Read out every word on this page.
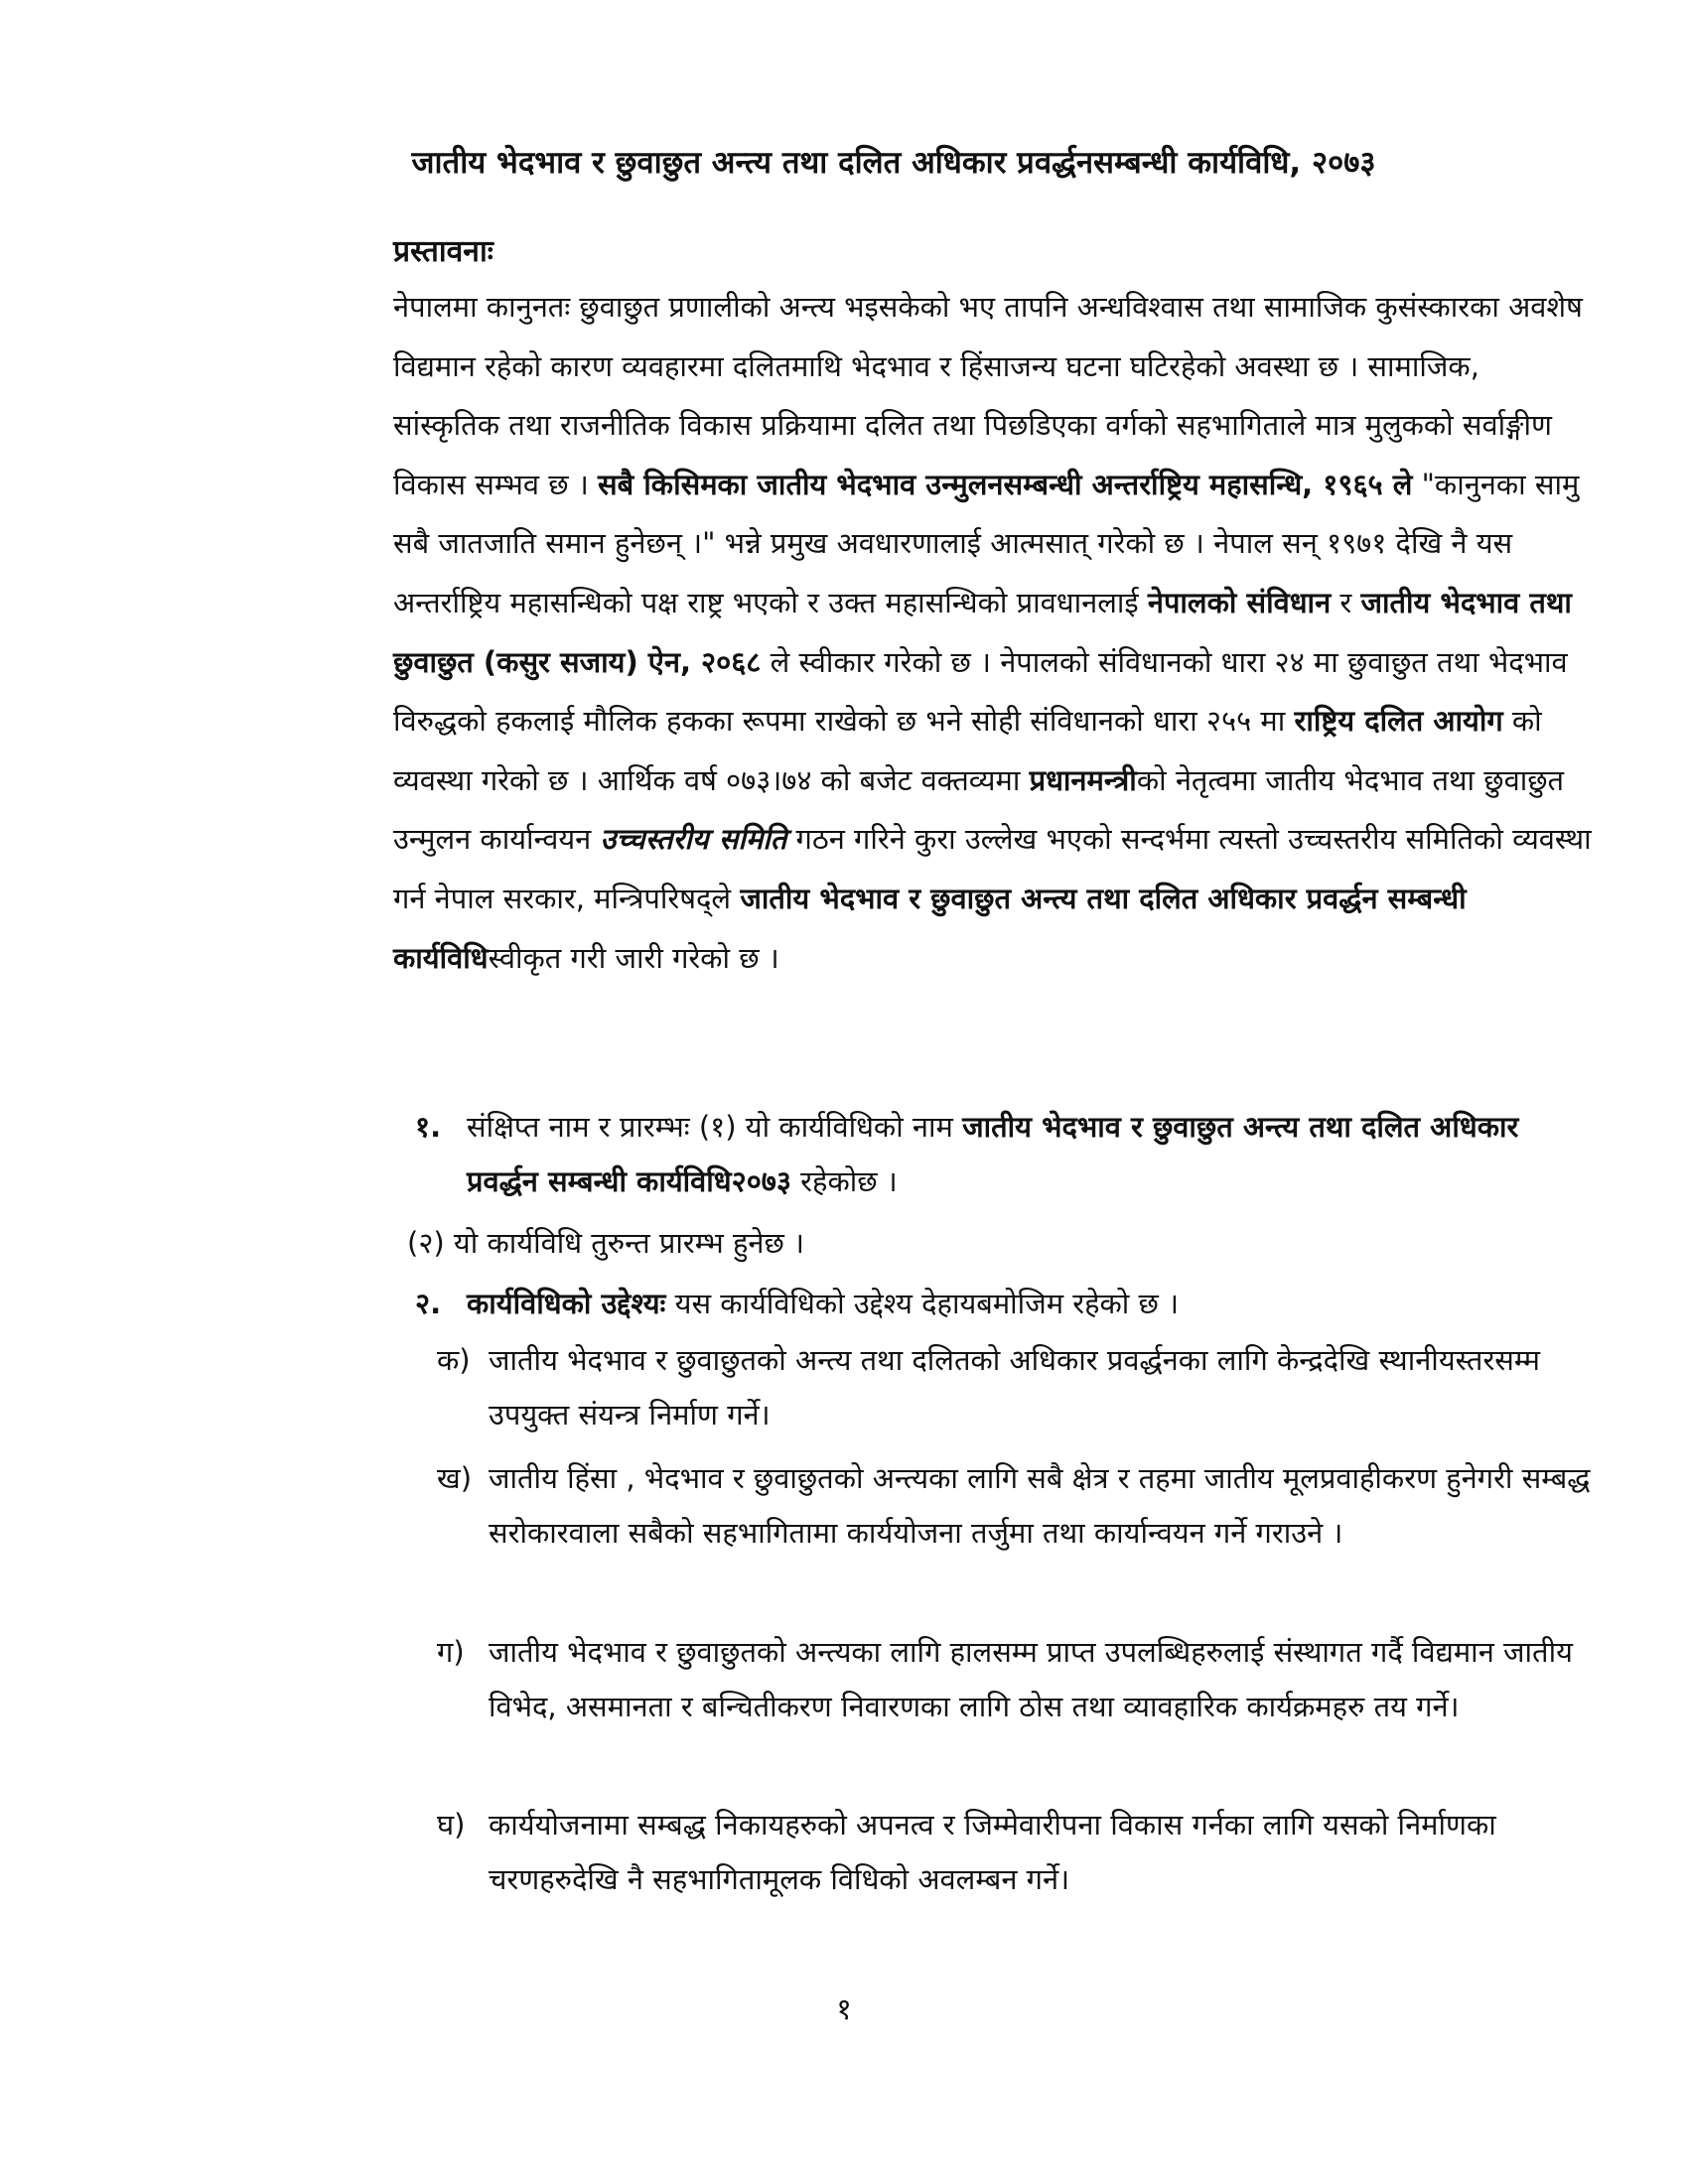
जातीय भेदभाव र छुवाछुत अन्त्य तथा दलित अधिकार प्रवर्द्धनसम्बन्धी कार्यविधि, २०७३
प्रस्तावनाः

नेपालमा कानुनतः छुवाछुत प्रणालीको अन्त्य भइसकेको भए तापनि अन्धविश्वास तथा सामाजिक कुसंस्कारका अवशेष विद्यमान रहेको कारण व्यवहारमा दलितमाथि भेदभाव र हिंसाजन्य घटना घटिरहेको अवस्था छ । सामाजिक, सांस्कृतिक तथा राजनीतिक विकास प्रक्रियामा दलित तथा पिछडिएका वर्गको सहभागिताले मात्र मुलुकको सर्वाङ्गीण विकास सम्भव छ । सबै किसिमका जातीय भेदभाव उन्मुलनसम्बन्धी अन्तर्राष्ट्रिय महासन्धि, १९६५ ले "कानुनका सामु सबै जातजाति समान हुनेछन् ।" भन्ने प्रमुख अवधारणालाई आत्मसात् गरेको छ । नेपाल सन् १९७१ देखि नै यस अन्तर्राष्ट्रिय महासन्धिको पक्ष राष्ट्र भएको र उक्त महासन्धिको प्रावधानलाई नेपालको संविधान र जातीय भेदभाव तथा छुवाछुत (कसुर सजाय) ऐन, २०६८ ले स्वीकार गरेको छ । नेपालको संविधानको धारा २४ मा छुवाछुत तथा भेदभाव विरुद्धको हकलाई मौलिक हकका रूपमा राखेको छ भने सोही संविधानको धारा २५५ मा राष्ट्रिय दलित आयोग को व्यवस्था गरेको छ । आर्थिक वर्ष ०७३।७४ को बजेट वक्तव्यमा प्रधानमन्त्रीको नेतृत्वमा जातीय भेदभाव तथा छुवाछुत उन्मुलन कार्यान्वयन उच्चस्तरीय समिति गठन गरिने कुरा उल्लेख भएको सन्दर्भमा त्यस्तो उच्चस्तरीय समितिको व्यवस्था गर्न नेपाल सरकार, मन्त्रिपरिषद्ले जातीय भेदभाव र छुवाछुत अन्त्य तथा दलित अधिकार प्रवर्द्धन सम्बन्धी कार्यविधिस्वीकृत गरी जारी गरेको छ ।

१. संक्षिप्त नाम र प्रारम्भः (१) यो कार्यविधिको नाम जातीय भेदभाव र छुवाछुत अन्त्य तथा दलित अधिकार प्रवर्द्धन सम्बन्धी कार्यविधि२०७३ रहेकोछ ।

(२) यो कार्यविधि तुरुन्त प्रारम्भ हुनेछ ।

२. कार्यविधिको उद्देश्यः यस कार्यविधिको उद्देश्य देहायबमोजिम रहेको छ ।

क) जातीय भेदभाव र छुवाछुतको अन्त्य तथा दलितको अधिकार प्रवर्द्धनका लागि केन्द्रदेखि स्थानीयस्तरसम्म उपयुक्त संयन्त्र निर्माण गर्ने।

ख) जातीय हिंसा , भेदभाव र छुवाछुतको अन्त्यका लागि सबै क्षेत्र र तहमा जातीय मूलप्रवाहीकरण हुनेगरी सम्बद्ध सरोकारवाला सबैको सहभागितामा कार्ययोजना तर्जुमा तथा कार्यान्वयन गर्ने गराउने ।

ग) जातीय भेदभाव र छुवाछुतको अन्त्यका लागि हालसम्म प्राप्त उपलब्धिहरुलाई संस्थागत गर्दै विद्यमान जातीय विभेद, असमानता र बन्चितीकरण निवारणका लागि ठोस तथा व्यावहारिक कार्यक्रमहरु तय गर्ने।

घ) कार्ययोजनामा सम्बद्ध निकायहरुको अपनत्व र जिम्मेवारीपना विकास गर्नका लागि यसको निर्माणका चरणहरुदेखि नै सहभागितामूलक विधिको अवलम्बन गर्ने।

१
